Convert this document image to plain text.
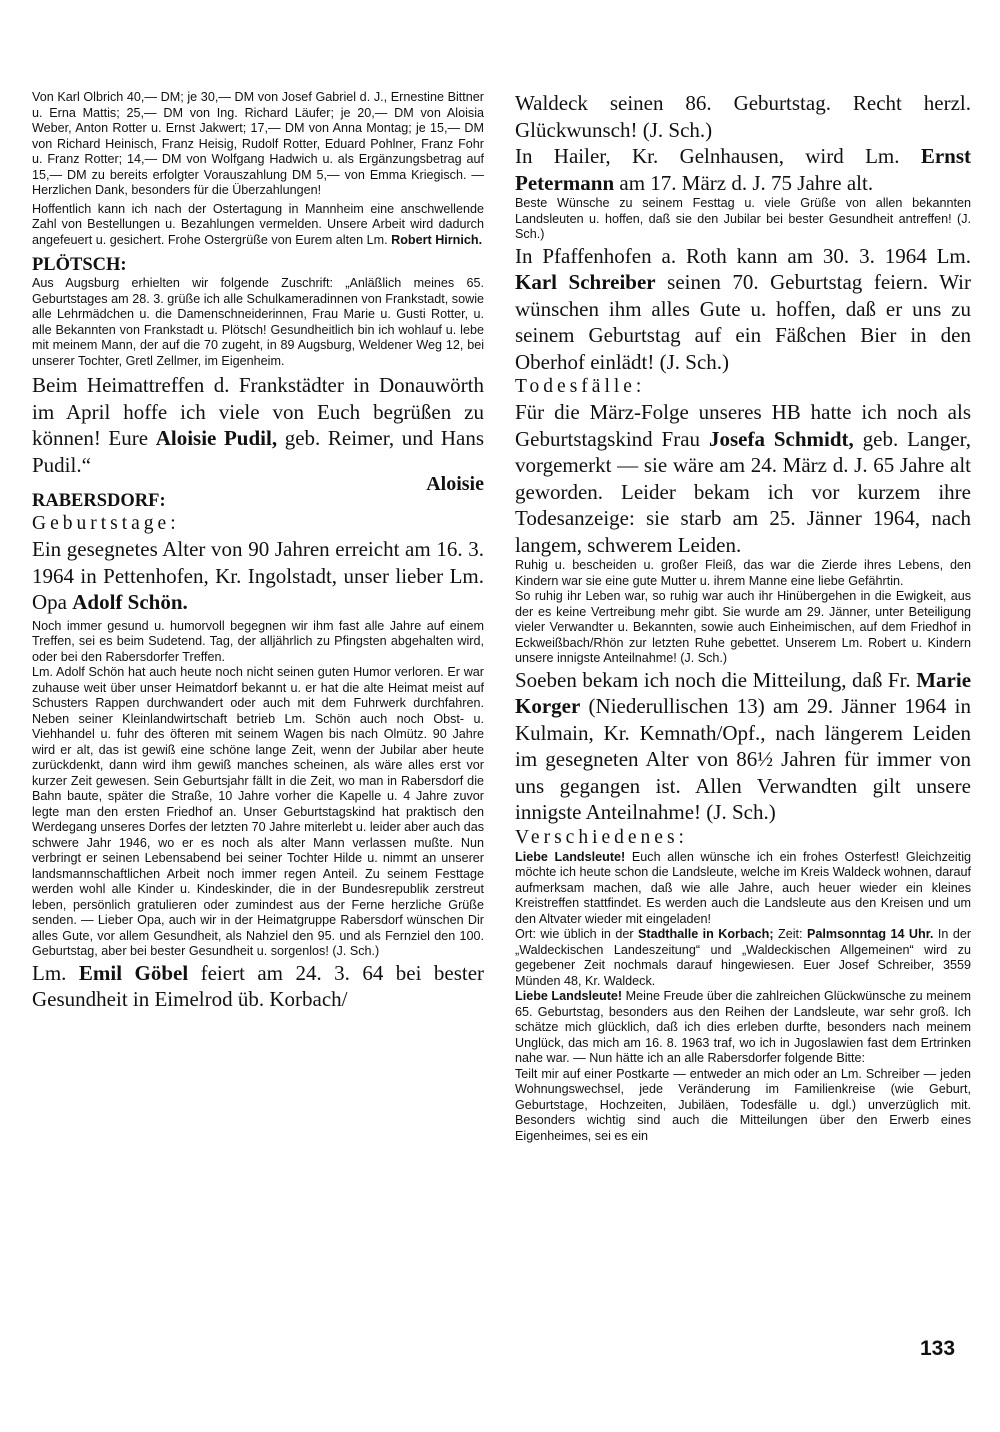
Von Karl Olbrich 40,— DM; je 30,— DM von Josef Gabriel d. J., Ernestine Bittner u. Erna Mattis; 25,— DM von Ing. Richard Läufer; je 20,— DM von Aloisia Weber, Anton Rotter u. Ernst Jakwert; 17,— DM von Anna Montag; je 15,— DM von Richard Heinisch, Franz Heisig, Rudolf Rotter, Eduard Pohlner, Franz Fohr u. Franz Rotter; 14,— DM von Wolfgang Hadwich u. als Ergänzungsbetrag auf 15,— DM zu bereits erfolgter Vorauszahlung DM 5,— von Emma Kriegisch. — Herzlichen Dank, besonders für die Überzahlungen!

Hoffentlich kann ich nach der Ostertagung in Mannheim eine anschwellende Zahl von Bestellungen u. Bezahlungen vermelden. Unsere Arbeit wird dadurch angefeuert u. gesichert. Frohe Ostergrüße von Eurem alten Lm. Robert Hirnich.

PLÖTSCH:

Aus Augsburg erhielten wir folgende Zuschrift: „Anläßlich meines 65. Geburtstages am 28. 3. grüße ich alle Schulkameradinnen von Frankstadt, sowie alle Lehrmädchen u. die Damenschneiderinnen, Frau Marie u. Gusti Rotter, u. alle Bekannten von Frankstadt u. Plötsch! Gesundheitlich bin ich wohlauf u. lebe mit meinem Mann, der auf die 70 zugeht, in 89 Augsburg, Weldener Weg 12, bei unserer Tochter, Gretl Zellmer, im Eigenheim.

Beim Heimattreffen d. Frankstädter in Donauwörth im April hoffe ich viele von Euch begrüßen zu können! Eure Aloisie Pudil, geb. Reimer, und Hans Pudil.“

Aloisie
RABERSDORF:
Geburtstage:

Ein gesegnetes Alter von 90 Jahren erreicht am 16. 3. 1964 in Pettenhofen, Kr. Ingolstadt, unser lieber Lm. Opa Adolf Schön.

Noch immer gesund u. humorvoll begegnen wir ihm fast alle Jahre auf einem Treffen, sei es beim Sudetend. Tag, der alljährlich zu Pfingsten abgehalten wird, oder bei den Rabersdorfer Treffen.

Lm. Adolf Schön hat auch heute noch nicht seinen guten Humor verloren. Er war zuhause weit über unser Heimatdorf bekannt u. er hat die alte Heimat meist auf Schusters Rappen durchwandert oder auch mit dem Fuhrwerk durchfahren. Neben seiner Kleinlandwirtschaft betrieb Lm. Schön auch noch Obst- u. Viehhandel u. fuhr des öfteren mit seinem Wagen bis nach Olmütz. 90 Jahre wird er alt, das ist gewiß eine schöne lange Zeit, wenn der Jubilar aber heute zurückdenkt, dann wird ihm gewiß manches scheinen, als wäre alles erst vor kurzer Zeit gewesen. Sein Geburtsjahr fällt in die Zeit, wo man in Rabersdorf die Bahn baute, später die Straße, 10 Jahre vorher die Kapelle u. 4 Jahre zuvor legte man den ersten Friedhof an. Unser Geburtstagskind hat praktisch den Werdegang unseres Dorfes der letzten 70 Jahre miterlebt u. leider aber auch das schwere Jahr 1946, wo er es noch als alter Mann verlassen mußte. Nun verbringt er seinen Lebensabend bei seiner Tochter Hilde u. nimmt an unserer landsmannschaftlichen Arbeit noch immer regen Anteil. Zu seinem Festtage werden wohl alle Kinder u. Kindeskinder, die in der Bundesrepublik zerstreut leben, persönlich gratulieren oder zumindest aus der Ferne herzliche Grüße senden. — Lieber Opa, auch wir in der Heimatgruppe Rabersdorf wünschen Dir alles Gute, vor allem Gesundheit, als Nahziel den 95. und als Fernziel den 100. Geburtstag, aber bei bester Gesundheit u. sorgenlos! (J. Sch.)

Lm. Emil Göbel feiert am 24. 3. 64 bei bester Gesundheit in Eimelrod üb. Korbach/

Waldeck seinen 86. Geburtstag. Recht herzl. Glückwunsch! (J. Sch.)

In Hailer, Kr. Gelnhausen, wird Lm. Ernst Petermann am 17. März d. J. 75 Jahre alt.

Beste Wünsche zu seinem Festtag u. viele Grüße von allen bekannten Landsleuten u. hoffen, daß sie den Jubilar bei bester Gesundheit antreffen! (J. Sch.)

In Pfaffenhofen a. Roth kann am 30. 3. 1964 Lm. Karl Schreiber seinen 70. Geburtstag feiern. Wir wünschen ihm alles Gute u. hoffen, daß er uns zu seinem Geburtstag auf ein Fäßchen Bier in den Oberhof einlädt! (J. Sch.)

Todesfälle:

Für die März-Folge unseres HB hatte ich noch als Geburtstagskind Frau Josefa Schmidt, geb. Langer, vorgemerkt — sie wäre am 24. März d. J. 65 Jahre alt geworden. Leider bekam ich vor kurzem ihre Todesanzeige: sie starb am 25. Jänner 1964, nach langem, schwerem Leiden.

Ruhig u. bescheiden u. großer Fleiß, das war die Zierde ihres Lebens, den Kindern war sie eine gute Mutter u. ihrem Manne eine liebe Gefährtin.

So ruhig ihr Leben war, so ruhig war auch ihr Hinübergehen in die Ewigkeit, aus der es keine Vertreibung mehr gibt. Sie wurde am 29. Jänner, unter Beteiligung vieler Verwandter u. Bekannten, sowie auch Einheimischen, auf dem Friedhof in Eckweißbach/Rhön zur letzten Ruhe gebettet. Unserem Lm. Robert u. Kindern unsere innigste Anteilnahme! (J. Sch.)

Soeben bekam ich noch die Mitteilung, daß Fr. Marie Korger (Niederullischen 13) am 29. Jänner 1964 in Kulmain, Kr. Kemnath/Opf., nach längerem Leiden im gesegneten Alter von 86½ Jahren für immer von uns gegangen ist. Allen Verwandten gilt unsere innigste Anteilnahme! (J. Sch.)

Verschiedenes:

Liebe Landsleute! Euch allen wünsche ich ein frohes Osterfest! Gleichzeitig möchte ich heute schon die Landsleute, welche im Kreis Waldeck wohnen, darauf aufmerksam machen, daß wie alle Jahre, auch heuer wieder ein kleines Kreistreffen stattfindet. Es werden auch die Landsleute aus den Kreisen und um den Altvater wieder mit eingeladen!

Ort: wie üblich in der Stadthalle in Korbach; Zeit: Palmsonntag 14 Uhr. In der „Waldeckischen Landeszeitung“ und „Waldeckischen Allgemeinen“ wird zu gegebener Zeit nochmals darauf hingewiesen. Euer Josef Schreiber, 3559 Münden 48, Kr. Waldeck.

Liebe Landsleute! Meine Freude über die zahlreichen Glückwünsche zu meinem 65. Geburtstag, besonders aus den Reihen der Landsleute, war sehr groß. Ich schätze mich glücklich, daß ich dies erleben durfte, besonders nach meinem Unglück, das mich am 16. 8. 1963 traf, wo ich in Jugoslawien fast dem Ertrinken nahe war. — Nun hätte ich an alle Rabersdorfer folgende Bitte:

Teilt mir auf einer Postkarte — entweder an mich oder an Lm. Schreiber — jeden Wohnungswechsel, jede Veränderung im Familienkreise (wie Geburt, Geburtstage, Hochzeiten, Jubiläen, Todesfälle u. dgl.) unverzüglich mit. Besonders wichtig sind auch die Mitteilungen über den Erwerb eines Eigenheimes, sei es ein

133
